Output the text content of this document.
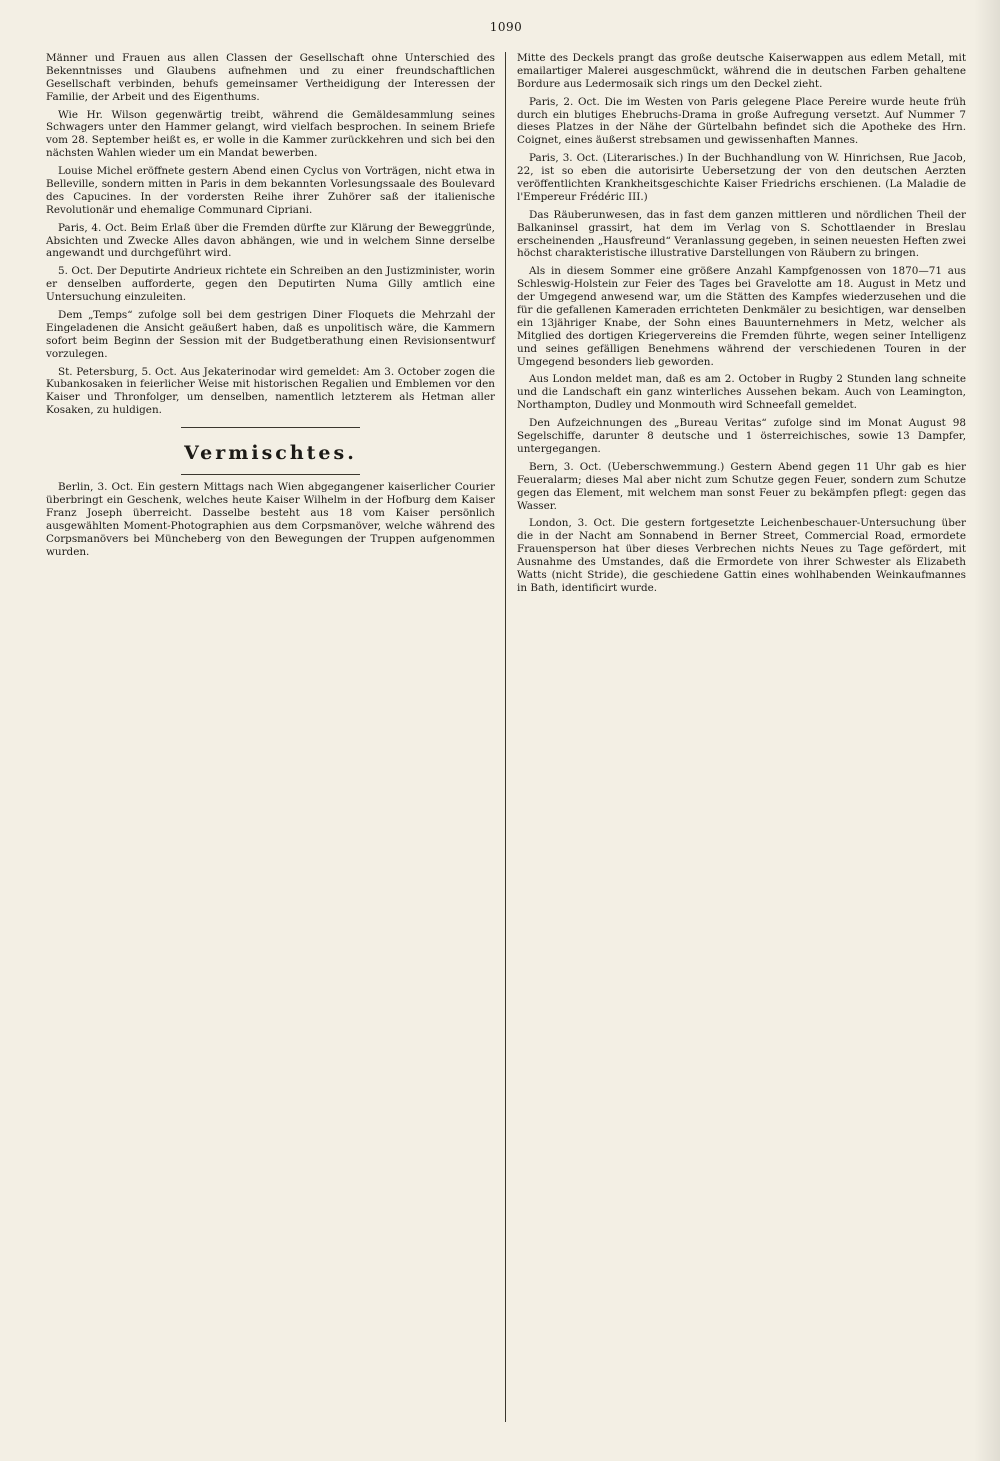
1090

Männer und Frauen aus allen Classen der Gesellschaft ohne Unterschied des Bekenntnisses und Glaubens aufnehmen und zu einer freundschaftlichen Gesellschaft verbinden, behufs gemeinsamer Vertheidigung der Interessen der Familie, der Arbeit und des Eigenthums.

Wie Hr. Wilson gegenwärtig treibt, während die Gemäldesammlung seines Schwagers unter den Hammer gelangt, wird vielfach besprochen. In seinem Briefe vom 28. September heißt es, er wolle in die Kammer zurückkehren und sich bei den nächsten Wahlen wieder um ein Mandat bewerben.

Louise Michel eröffnete gestern Abend einen Cyclus von Vorträgen, nicht etwa in Belleville, sondern mitten in Paris in dem bekannten Vorlesungssaale des Boulevard des Capucines. In der vordersten Reihe ihrer Zuhörer saß der italienische Revolutionär und ehemalige Communard Cipriani.

Paris, 4. Oct. Beim Erlaß über die Fremden dürfte zur Klärung der Beweggründe, Absichten und Zwecke Alles davon abhängen, wie und in welchem Sinne derselbe angewandt und durchgeführt wird.

5. Oct. Der Deputirte Andrieux richtete ein Schreiben an den Justizminister, worin er denselben aufforderte, gegen den Deputirten Numa Gilly amtlich eine Untersuchung einzuleiten.

Dem „Temps“ zufolge soll bei dem gestrigen Diner Floquets die Mehrzahl der Eingeladenen die Ansicht geäußert haben, daß es unpolitisch wäre, die Kammern sofort beim Beginn der Session mit der Budgetberathung einen Revisionsentwurf vorzulegen.

St. Petersburg, 5. Oct. Aus Jekaterinodar wird gemeldet: Am 3. October zogen die Kubankosaken in feierlicher Weise mit historischen Regalien und Emblemen vor den Kaiser und Thronfolger, um denselben, namentlich letzterem als Hetman aller Kosaken, zu huldigen.

Vermischtes.

Berlin, 3. Oct. Ein gestern Mittags nach Wien abgegangener kaiserlicher Courier überbringt ein Geschenk, welches heute Kaiser Wilhelm in der Hofburg dem Kaiser Franz Joseph überreicht. Dasselbe besteht aus 18 vom Kaiser persönlich ausgewählten Moment-Photographien aus dem Corpsmanöver, welche während des Corpsmanövers bei Müncheberg von den Bewegungen der Truppen aufgenommen wurden.

Mitte des Deckels prangt das große deutsche Kaiserwappen aus edlem Metall, mit emailartiger Malerei ausgeschmückt, während die in deutschen Farben gehaltene Bordure aus Ledermosaik sich rings um den Deckel zieht.

Paris, 2. Oct. Die im Westen von Paris gelegene Place Pereire wurde heute früh durch ein blutiges Ehebruchs-Drama in große Aufregung versetzt. Auf Nummer 7 dieses Platzes in der Nähe der Gürtelbahn befindet sich die Apotheke des Hrn. Coignet, eines äußerst strebsamen und gewissenhaften Mannes.

Paris, 3. Oct. (Literarisches.) In der Buchhandlung von W. Hinrichsen, Rue Jacob, 22, ist so eben die autorisirte Uebersetzung der von den deutschen Aerzten veröffentlichten Krankheitsgeschichte Kaiser Friedrichs erschienen. (La Maladie de l'Empereur Frédéric III.)

Das Räuberunwesen, das in fast dem ganzen mittleren und nördlichen Theil der Balkaninsel grassirt, hat dem im Verlag von S. Schottlaender in Breslau erscheinenden „Hausfreund“ Veranlassung gegeben, in seinen neuesten Heften zwei höchst charakteristische illustrative Darstellungen von Räubern zu bringen.

Als in diesem Sommer eine größere Anzahl Kampfgenossen von 1870—71 aus Schleswig-Holstein zur Feier des Tages bei Gravelotte am 18. August in Metz und der Umgegend anwesend war, um die Stätten des Kampfes wiederzusehen und die für die gefallenen Kameraden errichteten Denkmäler zu besichtigen, war denselben ein 13jähriger Knabe, der Sohn eines Bauunternehmers in Metz, welcher als Mitglied des dortigen Kriegervereins die Fremden führte, wegen seiner Intelligenz und seines gefälligen Benehmens während der verschiedenen Touren in der Umgegend besonders lieb geworden.

Aus London meldet man, daß es am 2. October in Rugby 2 Stunden lang schneite und die Landschaft ein ganz winterliches Aussehen bekam. Auch von Leamington, Northampton, Dudley und Monmouth wird Schneefall gemeldet.

Den Aufzeichnungen des „Bureau Veritas“ zufolge sind im Monat August 98 Segelschiffe, darunter 8 deutsche und 1 österreichisches, sowie 13 Dampfer, untergegangen.

Bern, 3. Oct. (Ueberschwemmung.) Gestern Abend gegen 11 Uhr gab es hier Feueralarm; dieses Mal aber nicht zum Schutze gegen Feuer, sondern zum Schutze gegen das Element, mit welchem man sonst Feuer zu bekämpfen pflegt: gegen das Wasser.

London, 3. Oct. Die gestern fortgesetzte Leichenbeschauer-Untersuchung über die in der Nacht am Sonnabend in Berner Street, Commercial Road, ermordete Frauensperson hat über dieses Verbrechen nichts Neues zu Tage gefördert, mit Ausnahme des Umstandes, daß die Ermordete von ihrer Schwester als Elizabeth Watts (nicht Stride), die geschiedene Gattin eines wohlhabenden Weinkaufmannes in Bath, identificirt wurde.
